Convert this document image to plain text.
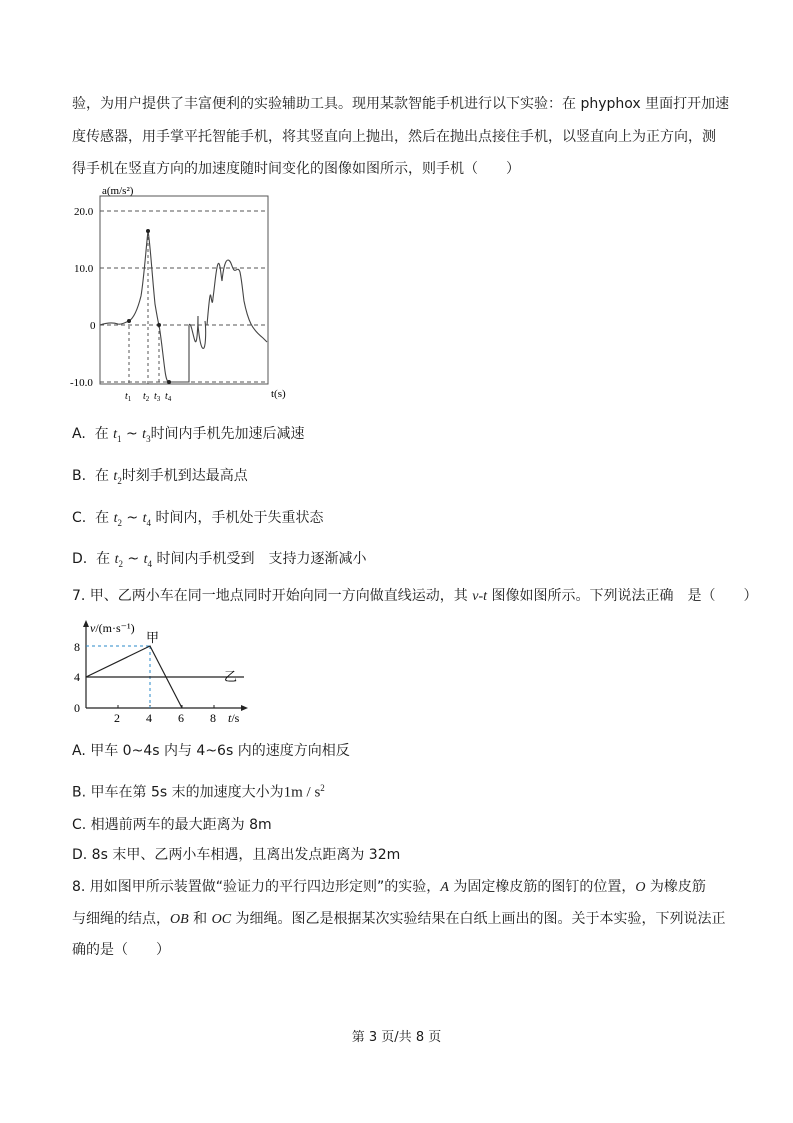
验，为用户提供了丰富便利的实验辅助工具。现用某款智能手机进行以下实验：在 phyphox 里面打开加速
度传感器，用手掌平托智能手机，将其竖直向上抛出，然后在抛出点接住手机，以竖直向上为正方向，测
得手机在竖直方向的加速度随时间变化的图像如图所示，则手机（　　）
a(m/s²)
20.0
10.0
0
-10.0
$t_1$ $t_2$ $t_3$ $t_4$	t(s)
A. 在 $t_1$ ~ $t_3$时间内手机先加速后减速
B. 在 $t_2$时刻手机到达最高点
C. 在 $t_2$ ~ $t_4$ 时间内，手机处于失重状态
D. 在 $t_2$ ~ $t_4$ 时间内手机受到　支持力逐渐减小
7. 甲、乙两小车在同一地点同时开始向同一方向做直线运动，其 v-t 图像如图所示。下列说法正确　是（　　）
v/(m·s⁻¹)
8
4
0
2 4 6 8 t/s
乙
甲
A. 甲车 0~4s 内与 4~6s 内的速度方向相反
B. 甲车在第 5s 末的加速度大小为$1m / s^2$
C. 相遇前两车的最大距离为 8m
D. 8s 末甲、乙两小车相遇，且离出发点距离为 32m
8. 用如图甲所示装置做“验证力的平行四边形定则”的实验，A 为固定橡皮筋的图钉的位置，O 为橡皮筋
与细绳的结点，OB 和 OC 为细绳。图乙是根据某次实验结果在白纸上画出的图。关于本实验，下列说法正
确的是（　　）
第 3 页/共 8 页
